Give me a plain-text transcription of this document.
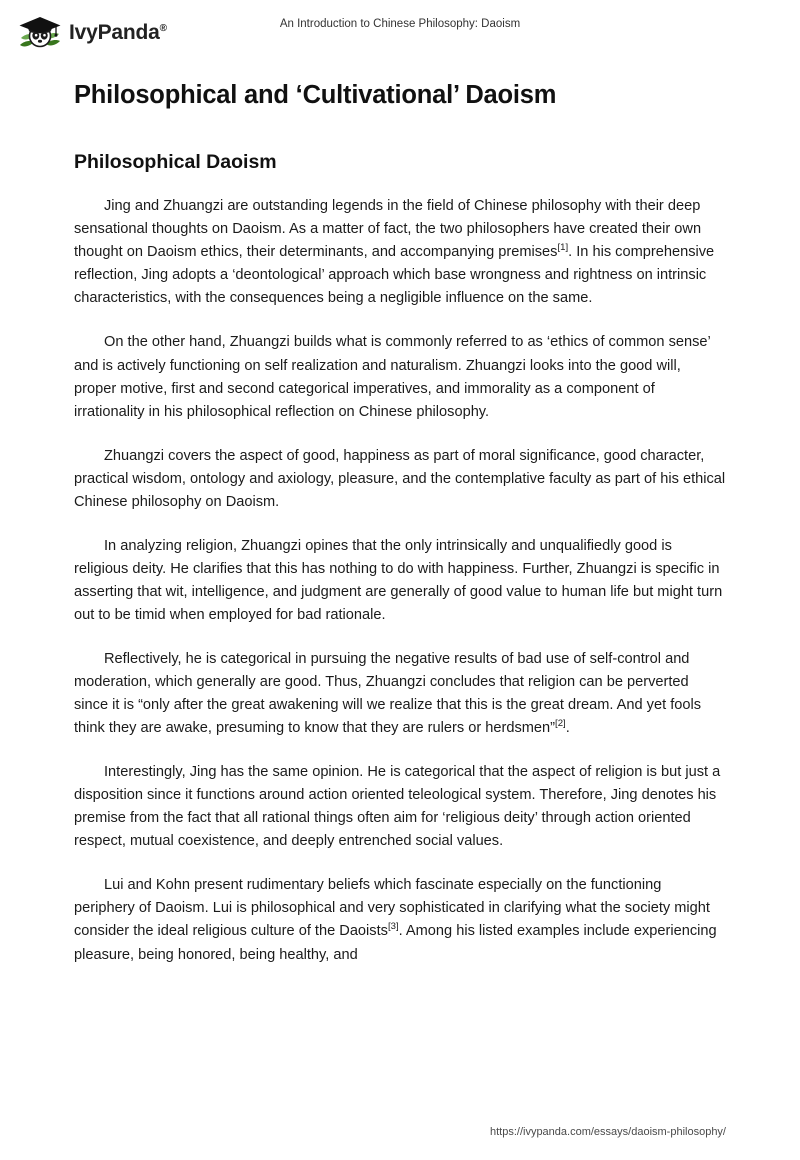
IvyPanda®	An Introduction to Chinese Philosophy: Daoism
Philosophical and ‘Cultivational’ Daoism
Philosophical Daoism

Jing and Zhuangzi are outstanding legends in the field of Chinese philosophy with their deep sensational thoughts on Daoism. As a matter of fact, the two philosophers have created their own thought on Daoism ethics, their determinants, and accompanying premises[1]. In his comprehensive reflection, Jing adopts a ‘deontological’ approach which base wrongness and rightness on intrinsic characteristics, with the consequences being a negligible influence on the same.

On the other hand, Zhuangzi builds what is commonly referred to as ‘ethics of common sense’ and is actively functioning on self realization and naturalism. Zhuangzi looks into the good will, proper motive, first and second categorical imperatives, and immorality as a component of irrationality in his philosophical reflection on Chinese philosophy.

Zhuangzi covers the aspect of good, happiness as part of moral significance, good character, practical wisdom, ontology and axiology, pleasure, and the contemplative faculty as part of his ethical Chinese philosophy on Daoism.

In analyzing religion, Zhuangzi opines that the only intrinsically and unqualifiedly good is religious deity. He clarifies that this has nothing to do with happiness. Further, Zhuangzi is specific in asserting that wit, intelligence, and judgment are generally of good value to human life but might turn out to be timid when employed for bad rationale.

Reflectively, he is categorical in pursuing the negative results of bad use of self-control and moderation, which generally are good. Thus, Zhuangzi concludes that religion can be perverted since it is “only after the great awakening will we realize that this is the great dream. And yet fools think they are awake, presuming to know that they are rulers or herdsmen”[2].

Interestingly, Jing has the same opinion. He is categorical that the aspect of religion is but just a disposition since it functions around action oriented teleological system. Therefore, Jing denotes his premise from the fact that all rational things often aim for ‘religious deity’ through action oriented respect, mutual coexistence, and deeply entrenched social values.

Lui and Kohn present rudimentary beliefs which fascinate especially on the functioning periphery of Daoism. Lui is philosophical and very sophisticated in clarifying what the society might consider the ideal religious culture of the Daoists[3]. Among his listed examples include experiencing pleasure, being honored, being healthy, and

https://ivypanda.com/essays/daoism-philosophy/
